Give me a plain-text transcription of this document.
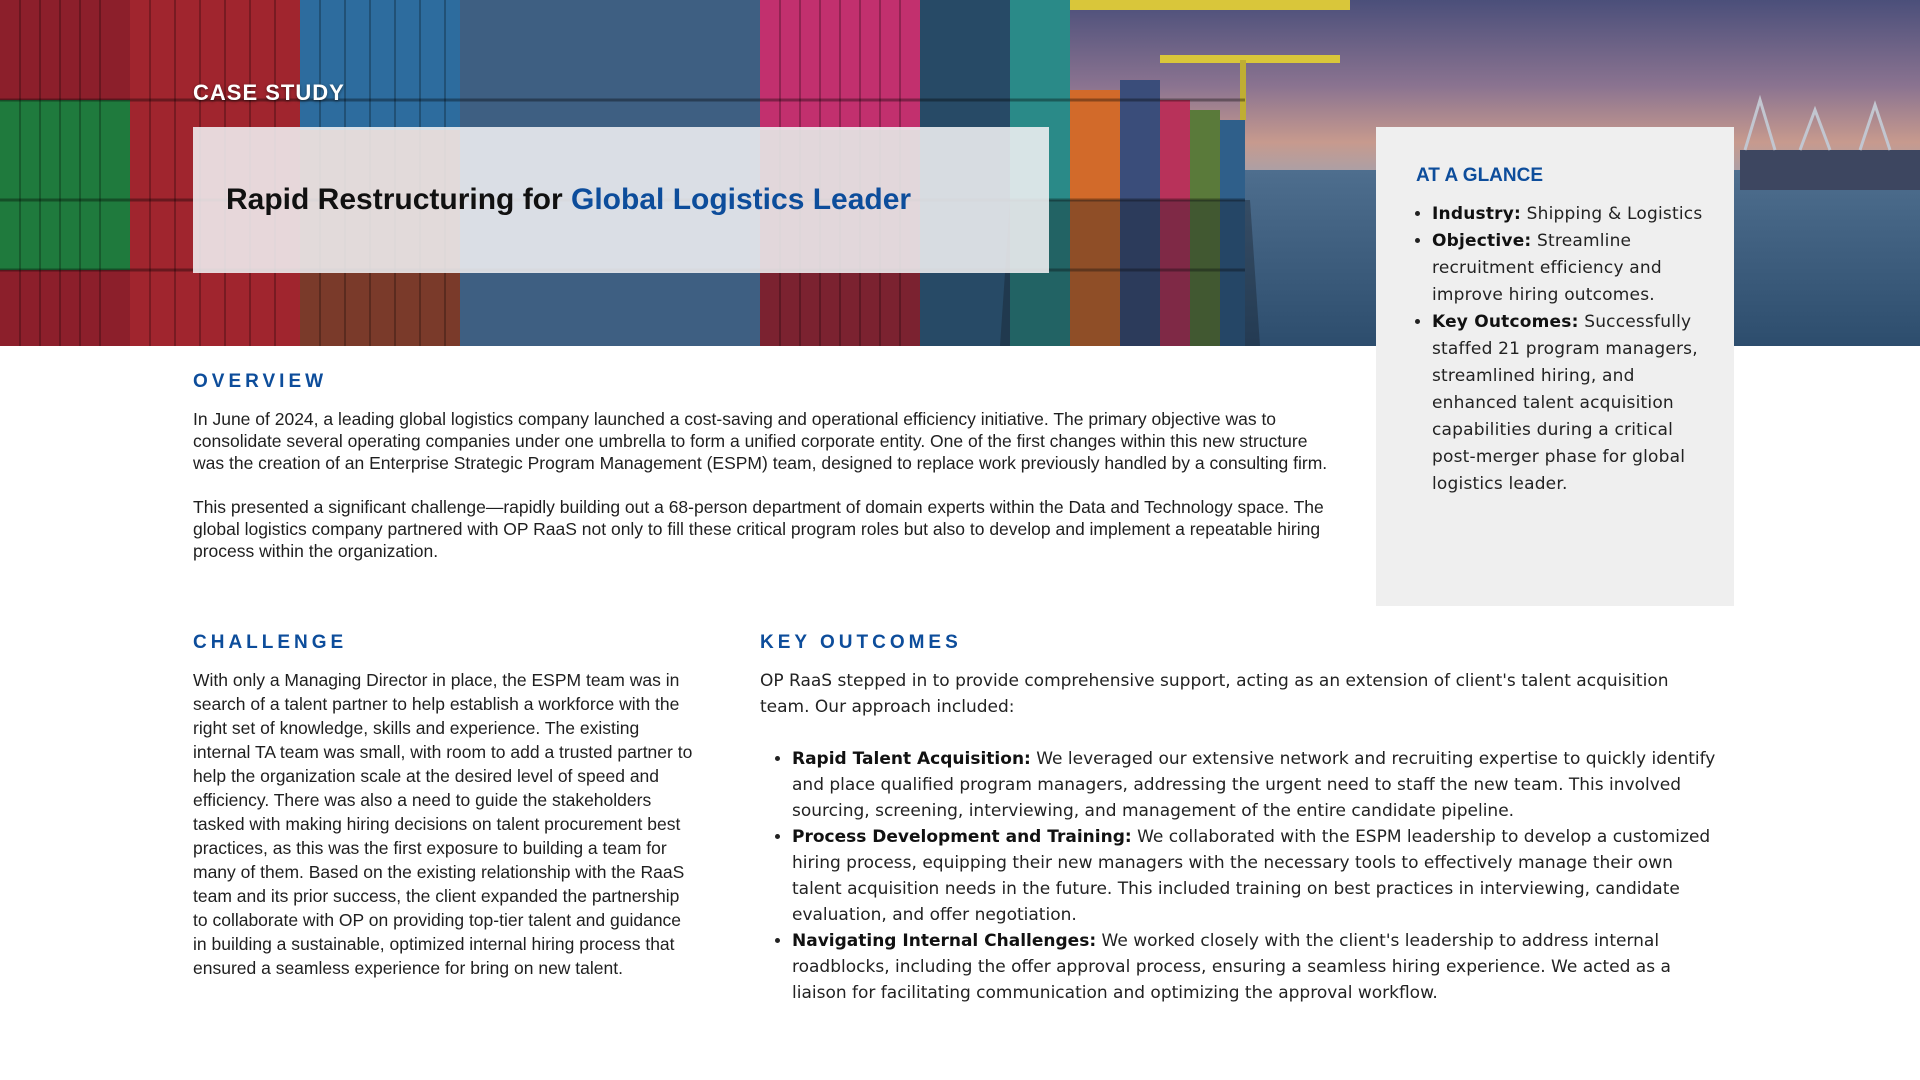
CASE STUDY
Rapid Restructuring for Global Logistics Leader
AT A GLANCE
• Industry: Shipping & Logistics
• Objective: Streamline recruitment efficiency and improve hiring outcomes.
• Key Outcomes: Successfully staffed 21 program managers, streamlined hiring, and enhanced talent acquisition capabilities during a critical post-merger phase for global logistics leader.
OVERVIEW

In June of 2024, a leading global logistics company launched a cost-saving and operational efficiency initiative. The primary objective was to consolidate several operating companies under one umbrella to form a unified corporate entity. One of the first changes within this new structure was the creation of an Enterprise Strategic Program Management (ESPM) team, designed to replace work previously handled by a consulting firm.

This presented a significant challenge—rapidly building out a 68-person department of domain experts within the Data and Technology space. The global logistics company partnered with OP RaaS not only to fill these critical program roles but also to develop and implement a repeatable hiring process within the organization.

CHALLENGE

With only a Managing Director in place, the ESPM team was in search of a talent partner to help establish a workforce with the right set of knowledge, skills and experience. The existing internal TA team was small, with room to add a trusted partner to help the organization scale at the desired level of speed and efficiency. There was also a need to guide the stakeholders tasked with making hiring decisions on talent procurement best practices, as this was the first exposure to building a team for many of them. Based on the existing relationship with the RaaS team and its prior success, the client expanded the partnership to collaborate with OP on providing top-tier talent and guidance in building a sustainable, optimized internal hiring process that ensured a seamless experience for bring on new talent.

KEY OUTCOMES

OP RaaS stepped in to provide comprehensive support, acting as an extension of client's talent acquisition team. Our approach included:

• Rapid Talent Acquisition: We leveraged our extensive network and recruiting expertise to quickly identify and place qualified program managers, addressing the urgent need to staff the new team. This involved sourcing, screening, interviewing, and management of the entire candidate pipeline.
• Process Development and Training: We collaborated with the ESPM leadership to develop a customized hiring process, equipping their new managers with the necessary tools to effectively manage their own talent acquisition needs in the future. This included training on best practices in interviewing, candidate evaluation, and offer negotiation.
• Navigating Internal Challenges: We worked closely with the client's leadership to address internal roadblocks, including the offer approval process, ensuring a seamless hiring experience. We acted as a liaison for facilitating communication and optimizing the approval workflow.
